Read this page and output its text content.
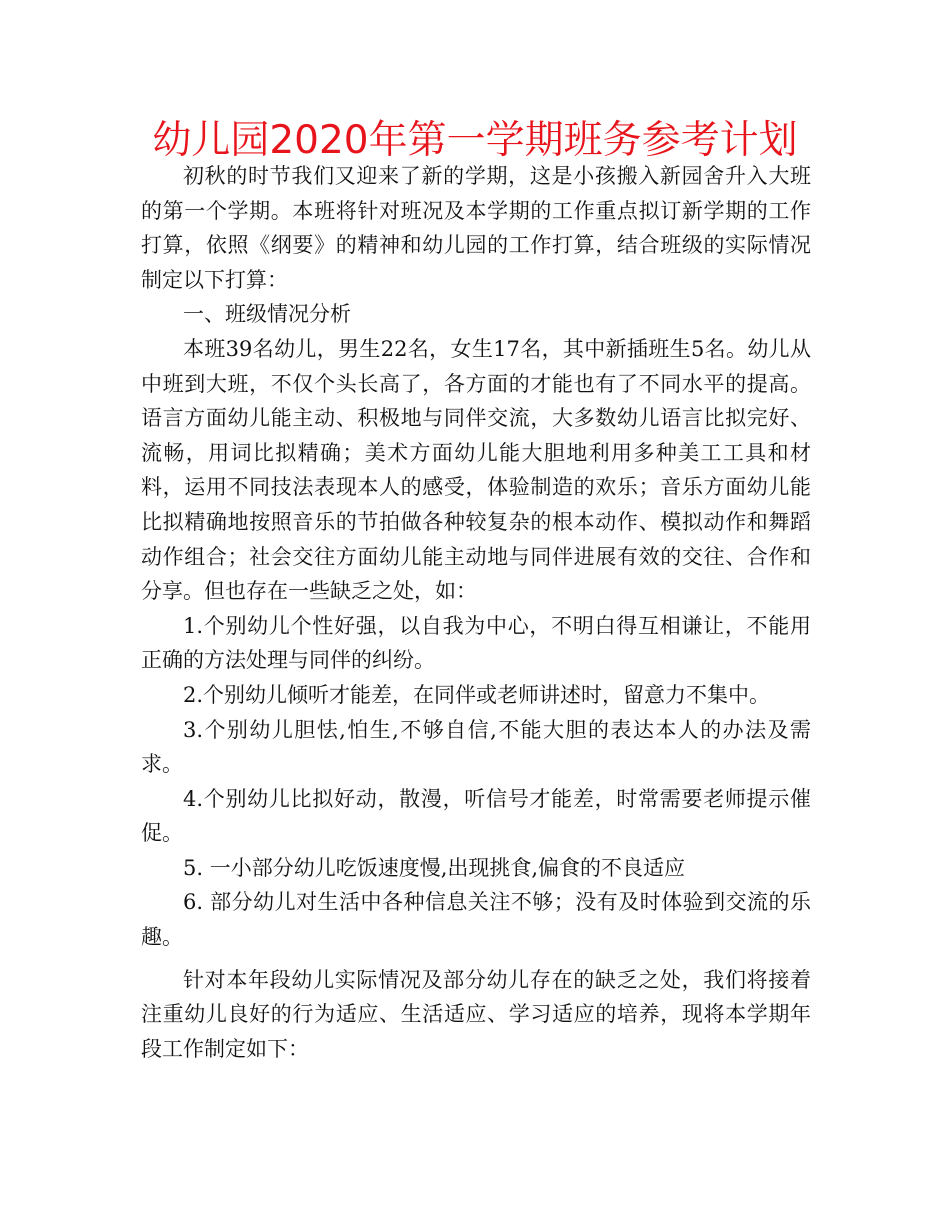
幼儿园2020年第一学期班务参考计划

初秋的时节我们又迎来了新的学期，这是小孩搬入新园舍升入大班的第一个学期。本班将针对班况及本学期的工作重点拟订新学期的工作打算，依照《纲要》的精神和幼儿园的工作打算，结合班级的实际情况制定以下打算：

一、班级情况分析

本班39名幼儿，男生22名，女生17名，其中新插班生5名。幼儿从中班到大班，不仅个头长高了，各方面的才能也有了不同水平的提高。语言方面幼儿能主动、积极地与同伴交流，大多数幼儿语言比拟完好、流畅，用词比拟精确；美术方面幼儿能大胆地利用多种美工工具和材料，运用不同技法表现本人的感受，体验制造的欢乐；音乐方面幼儿能比拟精确地按照音乐的节拍做各种较复杂的根本动作、模拟动作和舞蹈动作组合；社会交往方面幼儿能主动地与同伴进展有效的交往、合作和分享。但也存在一些缺乏之处，如：

1.个别幼儿个性好强，以自我为中心，不明白得互相谦让，不能用正确的方法处理与同伴的纠纷。

2.个别幼儿倾听才能差，在同伴或老师讲述时，留意力不集中。

3.个别幼儿胆怯,怕生,不够自信,不能大胆的表达本人的办法及需求。

4.个别幼儿比拟好动，散漫，听信号才能差，时常需要老师提示催促。

5. 一小部分幼儿吃饭速度慢,出现挑食,偏食的不良适应

6. 部分幼儿对生活中各种信息关注不够；没有及时体验到交流的乐趣。

针对本年段幼儿实际情况及部分幼儿存在的缺乏之处，我们将接着注重幼儿良好的行为适应、生活适应、学习适应的培养，现将本学期年段工作制定如下：
